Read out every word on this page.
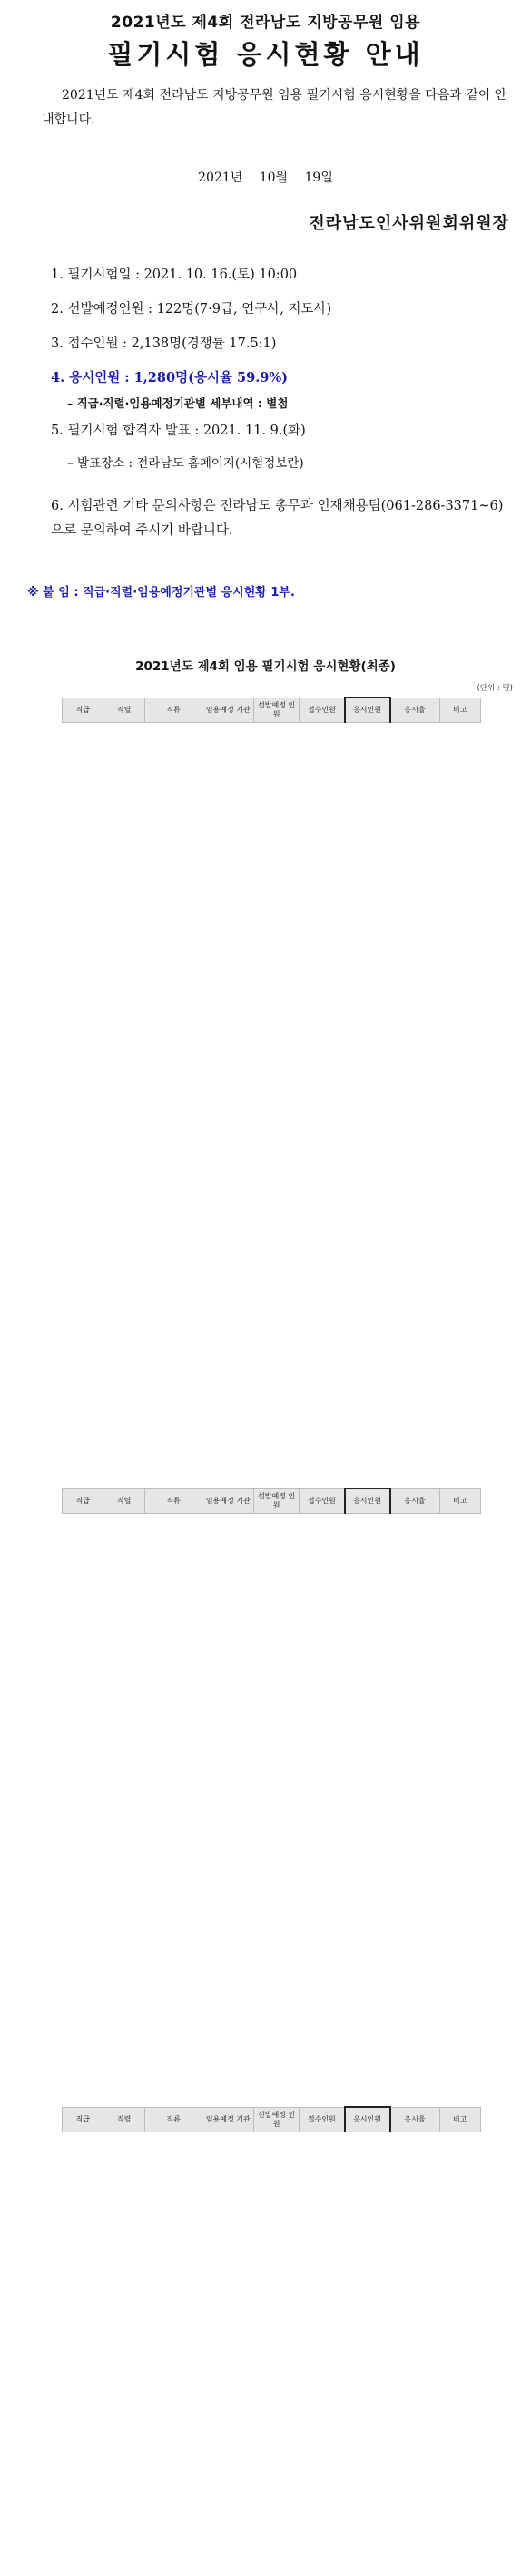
2021년도 제4회 전라남도 지방공무원 임용
필기시험 응시현황 안내
2021년도 제4회 전라남도 지방공무원 임용 필기시험 응시현황을 다음과 같이 안내합니다.
2021년 10월 19일
전라남도인사위원회위원장
1. 필기시험일 : 2021. 10. 16.(토) 10:00
2. 선발예정인원 : 122명(7·9급, 연구사, 지도사)
3. 접수인원 : 2,138명(경쟁률 17.5:1)
4. 응시인원 : 1,280명(응시율 59.9%)
– 직급·직렬·임용예정기관별 세부내역 : 별첨
5. 필기시험 합격자 발표 : 2021. 11. 9.(화)
– 발표장소 : 전라남도 홈페이지(시험정보란)
6. 시험관련 기타 문의사항은 전라남도 총무과 인재채용팀(061-286-3371~6) 으로 문의하여 주시기 바랍니다.
※ 붙 임 : 직급·직렬·임용예정기관별 응시현황 1부.
2021년도 제4회 임용 필기시험 응시현황(최종)
(단위 : 명)
직급	직렬	직류	임용예정 기관	선발예정 인원	접수인원	응시인원	응시율	비고
직급	직렬	직류	임용예정 기관	선발예정 인원	접수인원	응시인원	응시율	비고
직급	직렬	직류	임용예정 기관	선발예정 인원	접수인원	응시인원	응시율	비고
